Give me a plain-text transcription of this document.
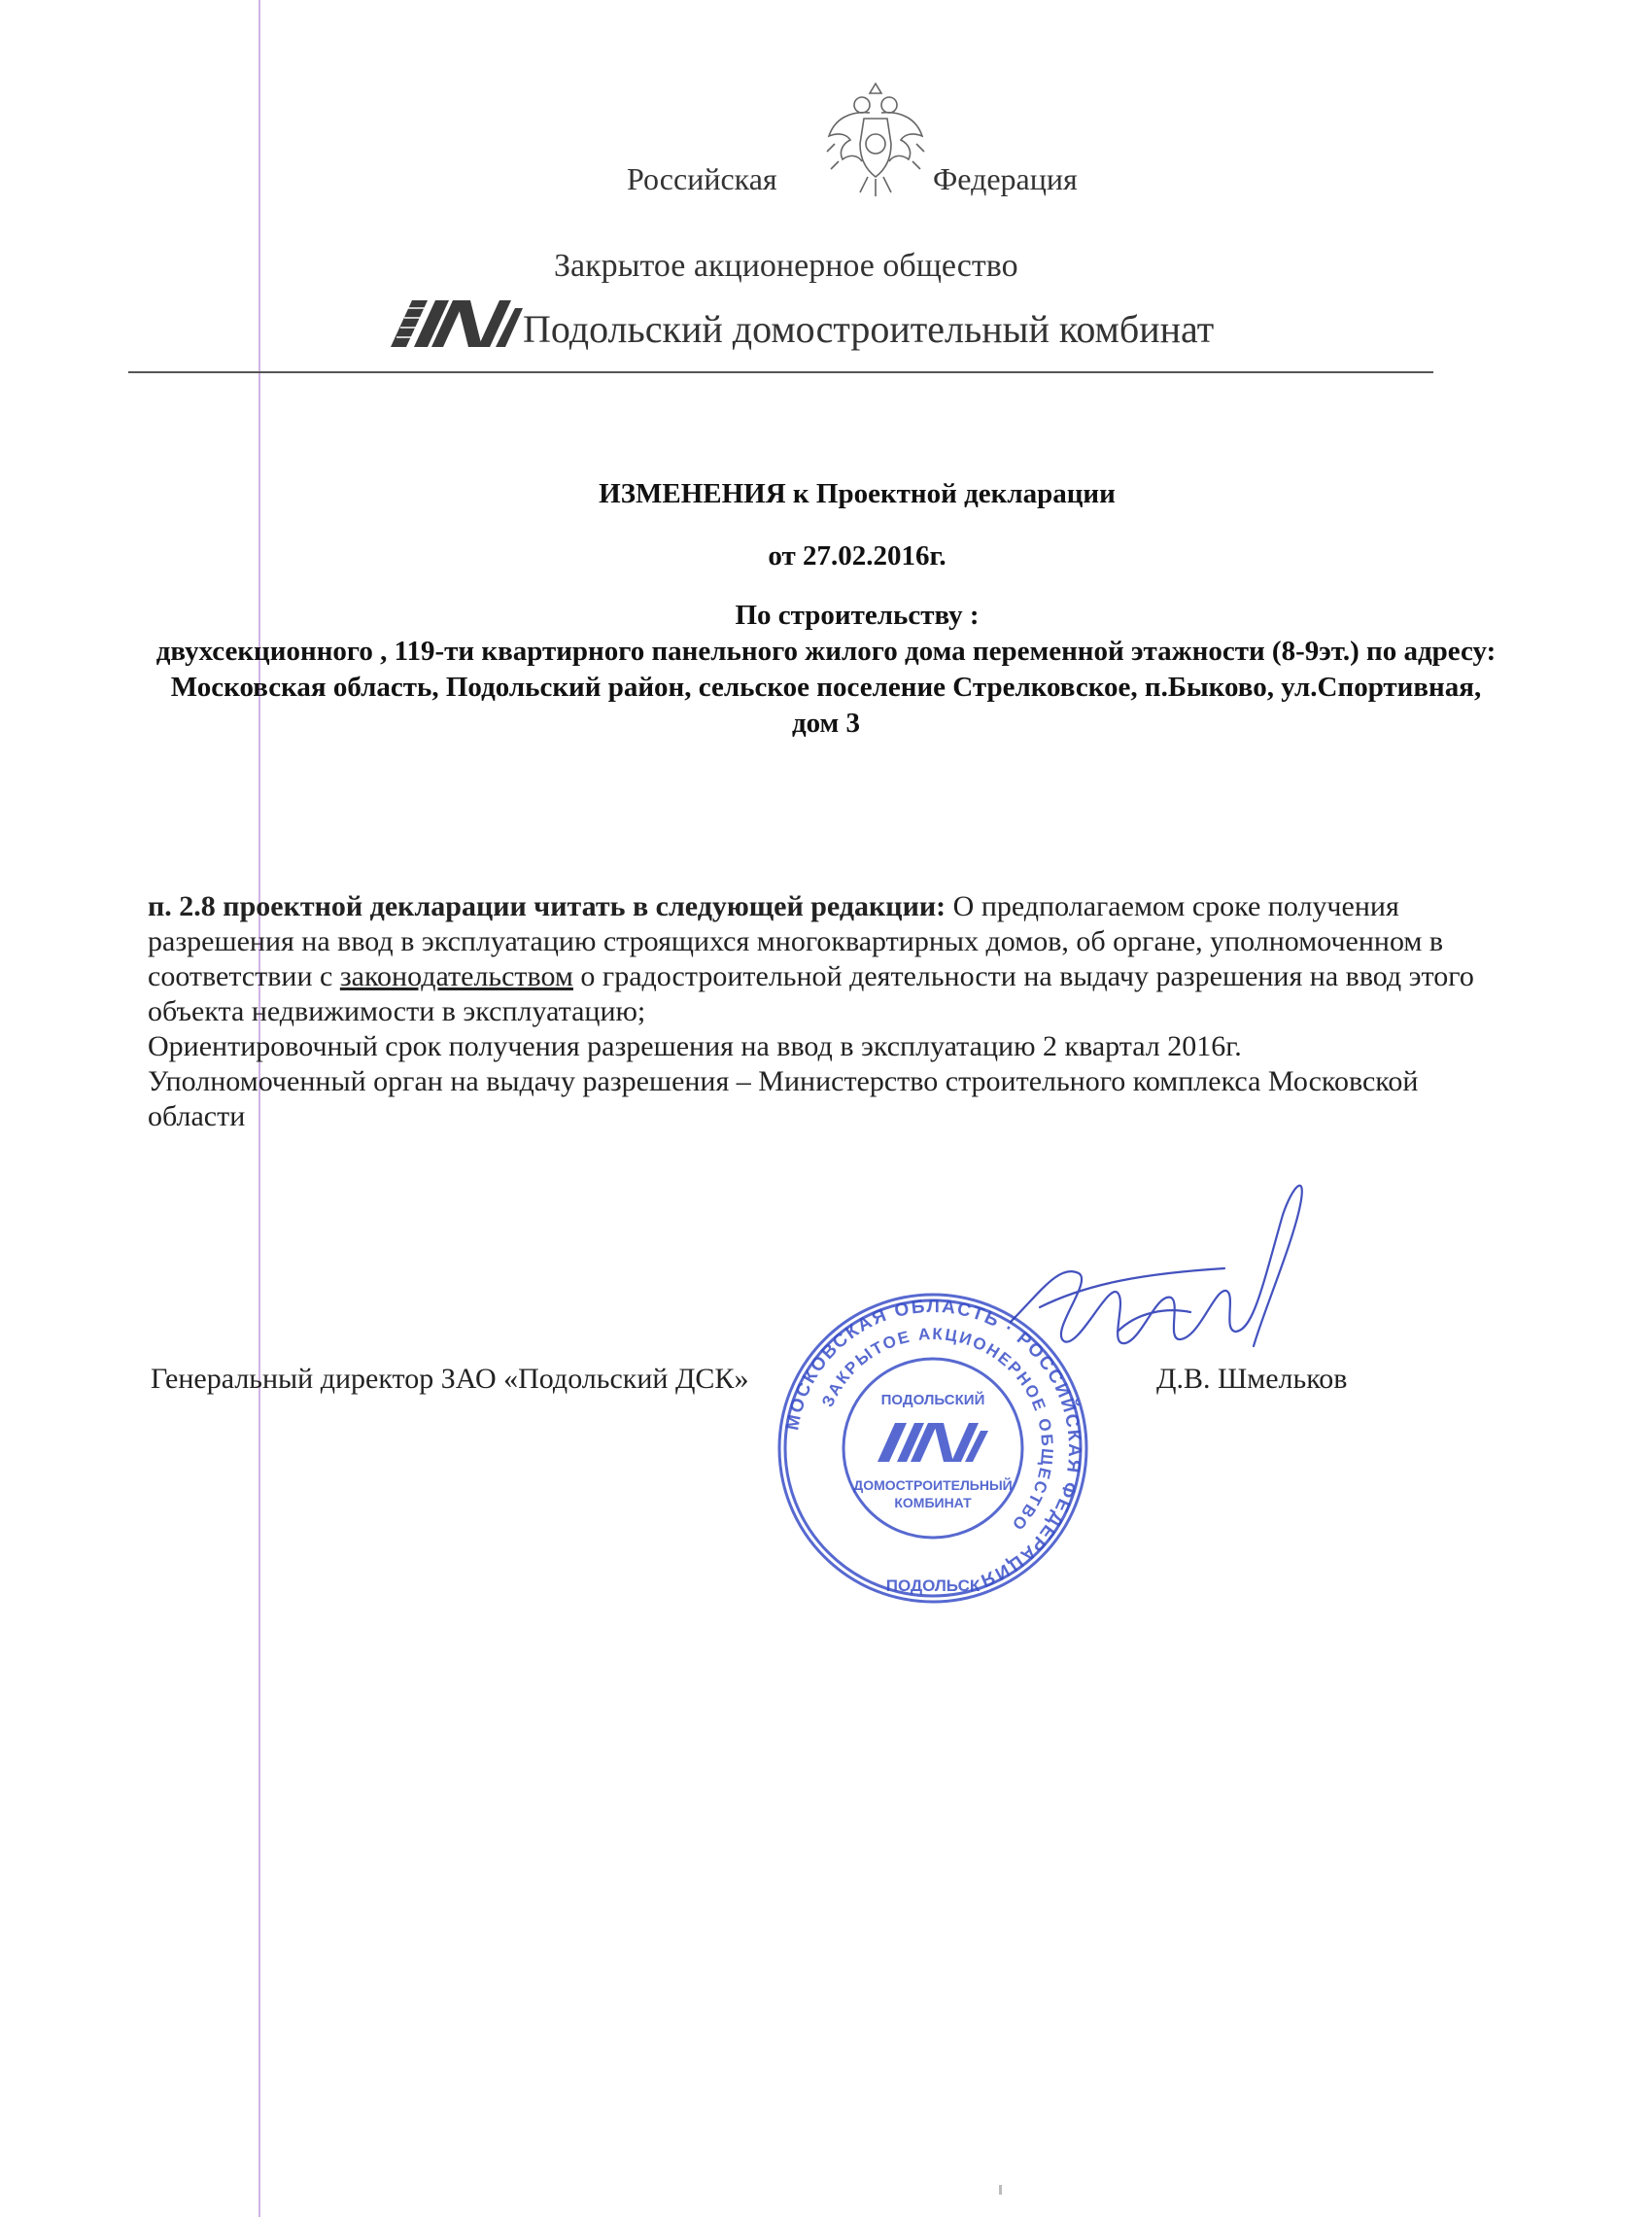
Российская	Федерация
Закрытое акционерное общество
Подольский домостроительный комбинат
ИЗМЕНЕНИЯ к Проектной декларации
от 27.02.2016г.
По строительству :
двухсекционного , 119-ти квартирного панельного жилого дома переменной этажности (8-9эт.) по адресу: Московская область, Подольский район, сельское поселение Стрелковское, п.Быково, ул.Спортивная, дом 3
п. 2.8 проектной декларации читать в следующей редакции: О предполагаемом сроке получения разрешения на ввод в эксплуатацию строящихся многоквартирных домов, об органе, уполномоченном в соответствии с законодательством о градостроительной деятельности на выдачу разрешения на ввод этого объекта недвижимости в эксплуатацию;
Ориентировочный срок получения разрешения на ввод в эксплуатацию 2 квартал 2016г.
Уполномоченный орган на выдачу разрешения – Министерство строительного комплекса Московской области
Генеральный директор ЗАО «Подольский ДСК»	Д.В. Шмельков
МОСКОВСКАЯ ОБЛАСТЬ · РОССИЙСКАЯ ФЕДЕРАЦИЯ
ЗАКРЫТОЕ АКЦИОНЕРНОЕ ОБЩЕСТВО
ПОДОЛЬСК
ПОДОЛЬСКИЙ
ДОМОСТРОИТЕЛЬНЫЙ
КОМБИНАТ
